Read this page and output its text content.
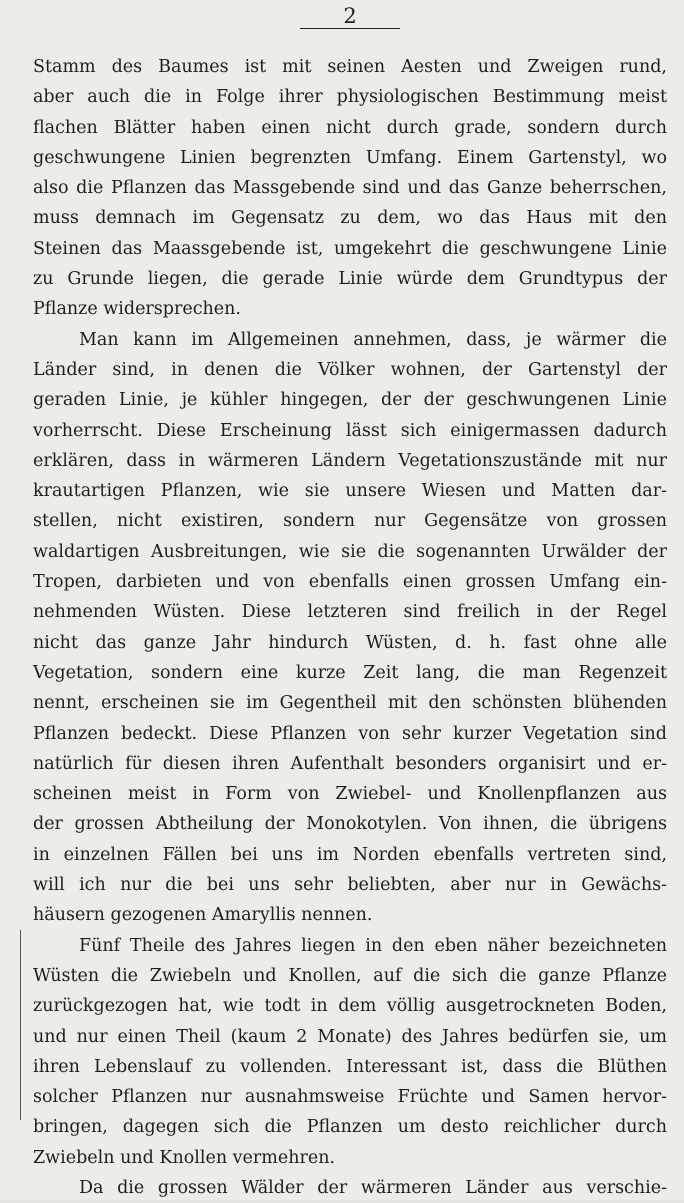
2
Stamm des Baumes ist mit seinen Aesten und Zweigen rund,
aber auch die in Folge ihrer physiologischen Bestimmung meist
flachen Blätter haben einen nicht durch grade, sondern durch
geschwungene Linien begrenzten Umfang. Einem Gartenstyl, wo
also die Pflanzen das Massgebende sind und das Ganze beherrschen,
muss demnach im Gegensatz zu dem, wo das Haus mit den
Steinen das Maassgebende ist, umgekehrt die geschwungene Linie
zu Grunde liegen, die gerade Linie würde dem Grundtypus der
Pflanze widersprechen.
Man kann im Allgemeinen annehmen, dass, je wärmer die
Länder sind, in denen die Völker wohnen, der Gartenstyl der
geraden Linie, je kühler hingegen, der der geschwungenen Linie
vorherrscht. Diese Erscheinung lässt sich einigermassen dadurch
erklären, dass in wärmeren Ländern Vegetationszustände mit nur
krautartigen Pflanzen, wie sie unsere Wiesen und Matten dar-
stellen, nicht existiren, sondern nur Gegensätze von grossen
waldartigen Ausbreitungen, wie sie die sogenannten Urwälder der
Tropen, darbieten und von ebenfalls einen grossen Umfang ein-
nehmenden Wüsten. Diese letzteren sind freilich in der Regel
nicht das ganze Jahr hindurch Wüsten, d. h. fast ohne alle
Vegetation, sondern eine kurze Zeit lang, die man Regenzeit
nennt, erscheinen sie im Gegentheil mit den schönsten blühenden
Pflanzen bedeckt. Diese Pflanzen von sehr kurzer Vegetation sind
natürlich für diesen ihren Aufenthalt besonders organisirt und er-
scheinen meist in Form von Zwiebel- und Knollenpflanzen aus
der grossen Abtheilung der Monokotylen. Von ihnen, die übrigens
in einzelnen Fällen bei uns im Norden ebenfalls vertreten sind,
will ich nur die bei uns sehr beliebten, aber nur in Gewächs-
häusern gezogenen Amaryllis nennen.
Fünf Theile des Jahres liegen in den eben näher bezeichneten
Wüsten die Zwiebeln und Knollen, auf die sich die ganze Pflanze
zurückgezogen hat, wie todt in dem völlig ausgetrockneten Boden,
und nur einen Theil (kaum 2 Monate) des Jahres bedürfen sie, um
ihren Lebenslauf zu vollenden. Interessant ist, dass die Blüthen
solcher Pflanzen nur ausnahmsweise Früchte und Samen hervor-
bringen, dagegen sich die Pflanzen um desto reichlicher durch
Zwiebeln und Knollen vermehren.
Da die grossen Wälder der wärmeren Länder aus verschie-
